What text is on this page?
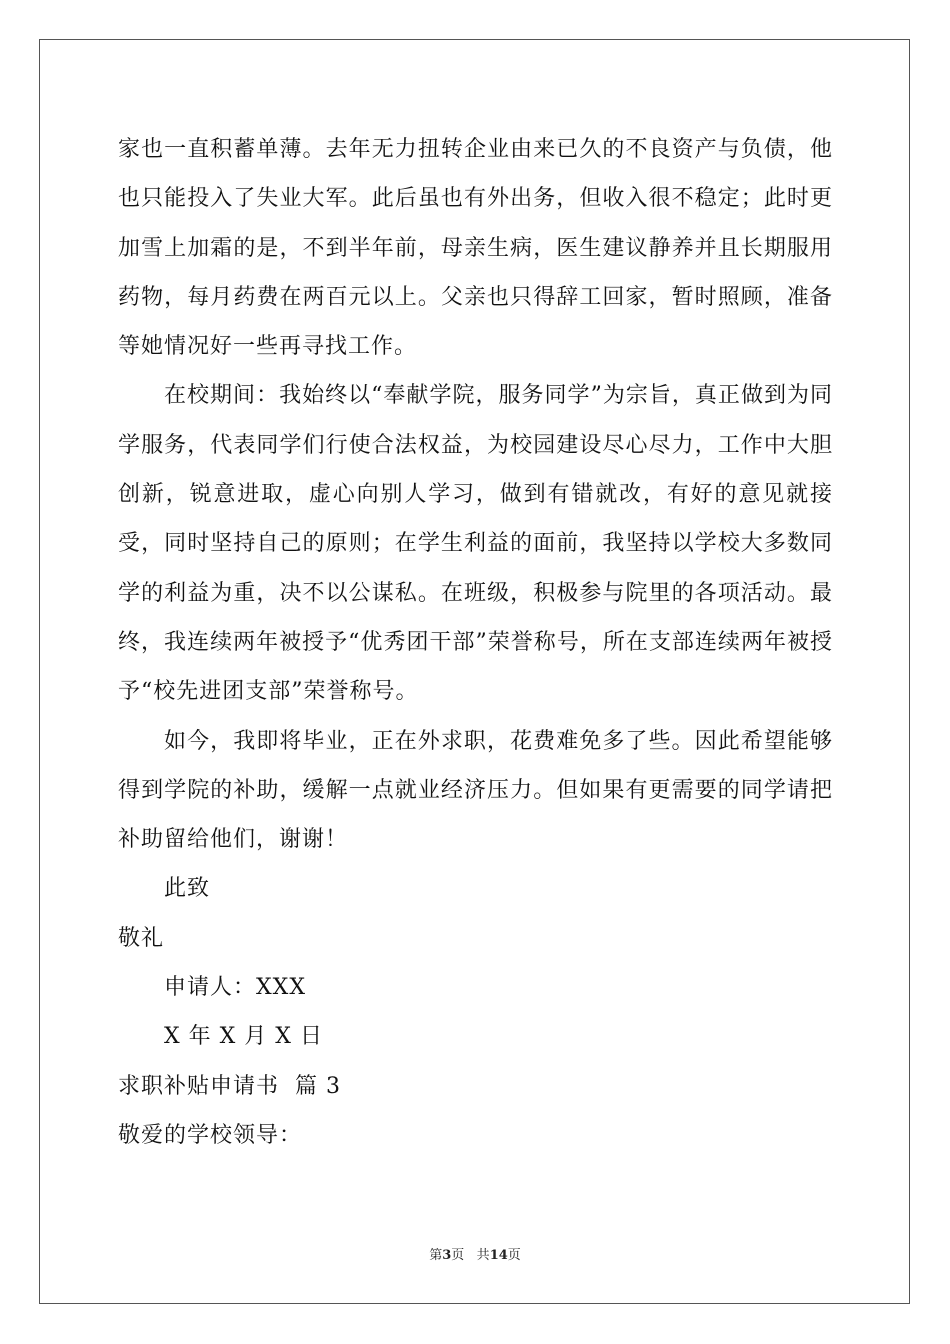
家也一直积蓄单薄。去年无力扭转企业由来已久的不良资产与负债，他也只能投入了失业大军。此后虽也有外出务，但收入很不稳定；此时更加雪上加霜的是，不到半年前，母亲生病，医生建议静养并且长期服用药物，每月药费在两百元以上。父亲也只得辞工回家，暂时照顾，准备等她情况好一些再寻找工作。

在校期间：我始终以“奉献学院，服务同学”为宗旨，真正做到为同学服务，代表同学们行使合法权益，为校园建设尽心尽力，工作中大胆创新，锐意进取，虚心向别人学习，做到有错就改，有好的意见就接受，同时坚持自己的原则；在学生利益的面前，我坚持以学校大多数同学的利益为重，决不以公谋私。在班级，积极参与院里的各项活动。最终，我连续两年被授予“优秀团干部”荣誉称号，所在支部连续两年被授予“校先进团支部”荣誉称号。

如今，我即将毕业，正在外求职，花费难免多了些。因此希望能够得到学院的补助，缓解一点就业经济压力。但如果有更需要的同学请把补助留给他们，谢谢！

此致

敬礼

申请人：XXX

X 年 X 月 X 日

求职补贴申请书  篇 3

敬爱的学校领导：

第3页 共14页
